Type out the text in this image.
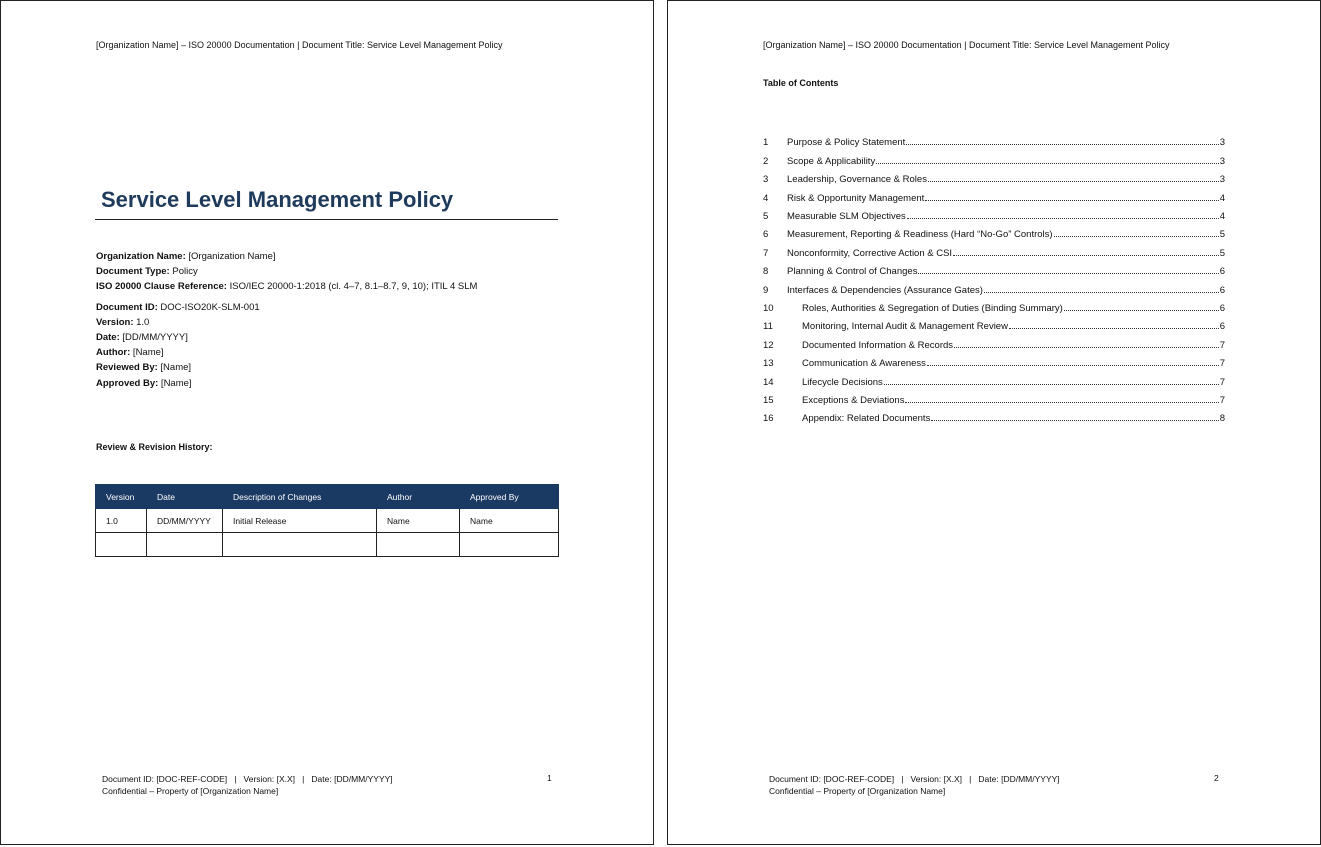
[Organization Name] – ISO 20000 Documentation | Document Title: Service Level Management Policy
Service Level Management Policy
Organization Name: [Organization Name]
Document Type: Policy
ISO 20000 Clause Reference: ISO/IEC 20000-1:2018 (cl. 4–7, 8.1–8.7, 9, 10); ITIL 4 SLM
Document ID: DOC-ISO20K-SLM-001
Version: 1.0
Date: [DD/MM/YYYY]
Author: [Name]
Reviewed By: [Name]
Approved By: [Name]
Review & Revision History:
Version	Date	Description of Changes	Author	Approved By
1.0	DD/MM/YYYY	Initial Release	Name	Name

Document ID: [DOC-REF-CODE]   |   Version: [X.X]   |   Date: [DD/MM/YYYY]
Confidential – Property of [Organization Name]
1
[Organization Name] – ISO 20000 Documentation | Document Title: Service Level Management Policy
Table of Contents
1	Purpose & Policy Statement	3
2	Scope & Applicability	3
3	Leadership, Governance & Roles	3
4	Risk & Opportunity Management	4
5	Measurable SLM Objectives	4
6	Measurement, Reporting & Readiness (Hard “No-Go” Controls)	5
7	Nonconformity, Corrective Action & CSI	5
8	Planning & Control of Changes	6
9	Interfaces & Dependencies (Assurance Gates)	6
10	Roles, Authorities & Segregation of Duties (Binding Summary)	6
11	Monitoring, Internal Audit & Management Review	6
12	Documented Information & Records	7
13	Communication & Awareness	7
14	Lifecycle Decisions	7
15	Exceptions & Deviations	7
16	Appendix: Related Documents	8
Document ID: [DOC-REF-CODE]   |   Version: [X.X]   |   Date: [DD/MM/YYYY]
Confidential – Property of [Organization Name]
2
